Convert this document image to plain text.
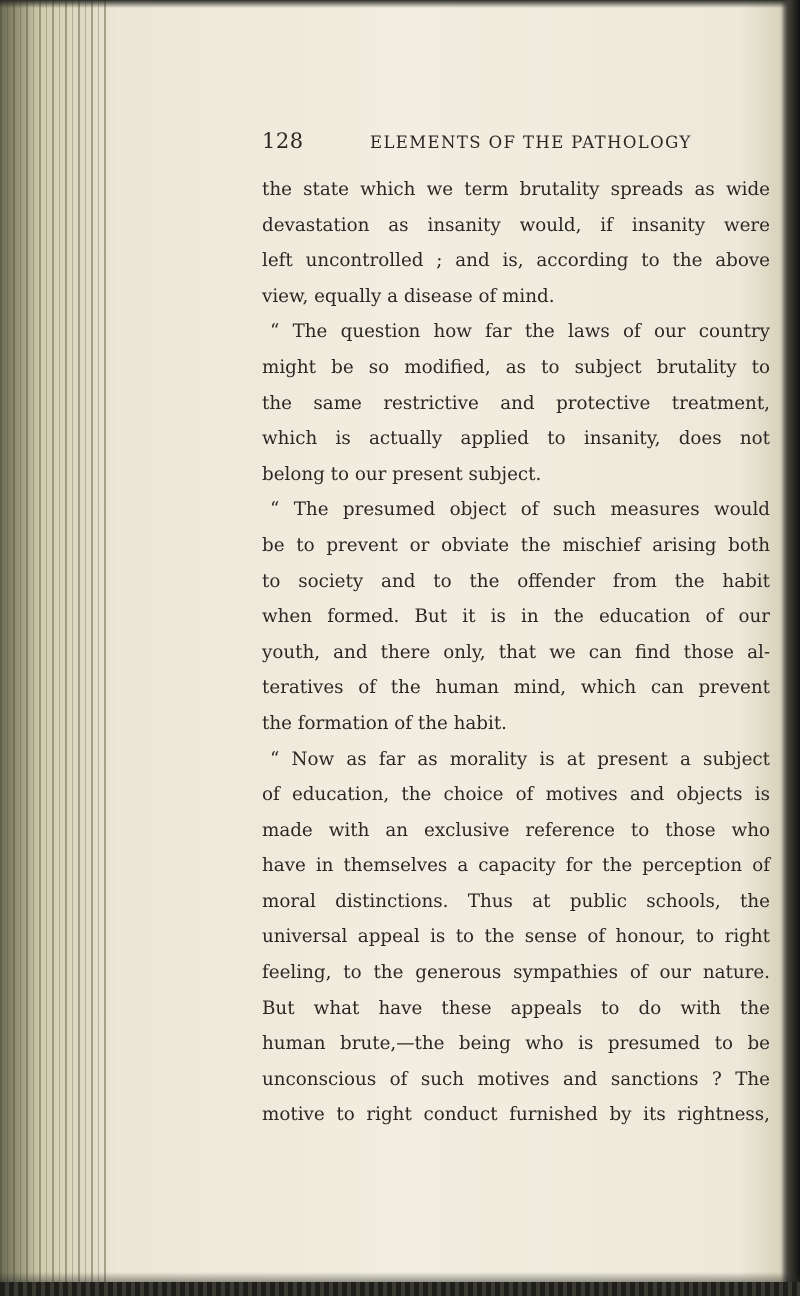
128	ELEMENTS OF THE PATHOLOGY
the state which we term brutality spreads as wide
devastation as insanity would, if insanity were
left uncontrolled ; and is, according to the above
view, equally a disease of mind.
“ The question how far the laws of our country
might be so modified, as to subject brutality to
the same restrictive and protective treatment,
which is actually applied to insanity, does not
belong to our present subject.
“ The presumed object of such measures would
be to prevent or obviate the mischief arising both
to society and to the offender from the habit
when formed. But it is in the education of our
youth, and there only, that we can find those al-
teratives of the human mind, which can prevent
the formation of the habit.
“ Now as far as morality is at present a subject
of education, the choice of motives and objects is
made with an exclusive reference to those who
have in themselves a capacity for the perception of
moral distinctions. Thus at public schools, the
universal appeal is to the sense of honour, to right
feeling, to the generous sympathies of our nature.
But what have these appeals to do with the
human brute,—the being who is presumed to be
unconscious of such motives and sanctions ? The
motive to right conduct furnished by its rightness,
